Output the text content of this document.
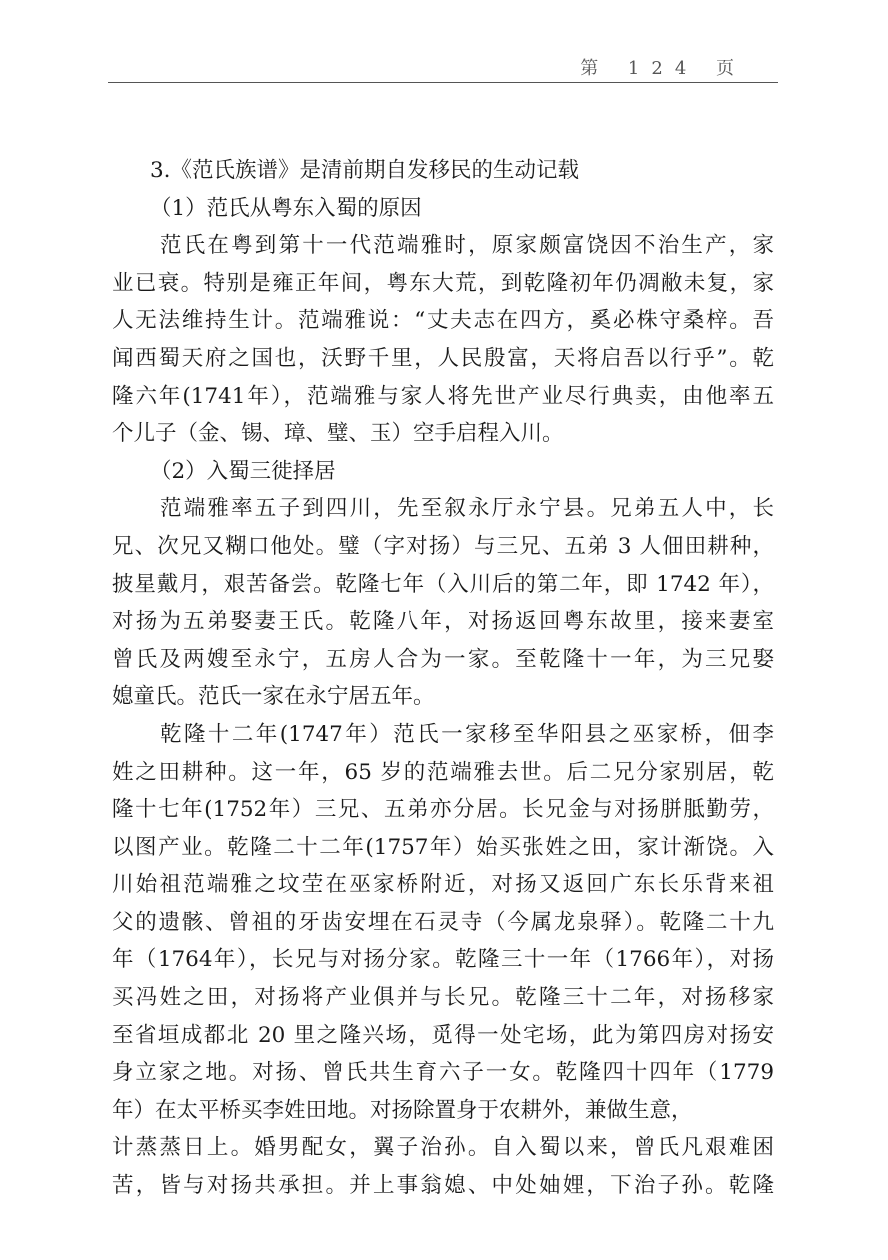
第 124 页
3.《范氏族谱》是清前期自发移民的生动记载
（1）范氏从粤东入蜀的原因
范氏在粤到第十一代范端雅时，原家颇富饶因不治生产，家
业已衰。特别是雍正年间，粤东大荒，到乾隆初年仍凋敝未复，家
人无法维持生计。范端雅说：“丈夫志在四方，奚必株守桑梓。吾
闻西蜀天府之国也，沃野千里，人民殷富，天将启吾以行乎”。乾
隆六年(1741年），范端雅与家人将先世产业尽行典卖，由他率五
个儿子（金、锡、璋、璧、玉）空手启程入川。
（2）入蜀三徙择居
范端雅率五子到四川，先至叙永厅永宁县。兄弟五人中，长
兄、次兄又糊口他处。璧（字对扬）与三兄、五弟 3 人佃田耕种，
披星戴月，艰苦备尝。乾隆七年（入川后的第二年，即 1742 年），
对扬为五弟娶妻王氏。乾隆八年，对扬返回粤东故里，接来妻室
曾氏及两嫂至永宁，五房人合为一家。至乾隆十一年，为三兄娶
媳童氏。范氏一家在永宁居五年。
乾隆十二年(1747年）范氏一家移至华阳县之巫家桥，佃李
姓之田耕种。这一年，65 岁的范端雅去世。后二兄分家别居，乾
隆十七年(1752年）三兄、五弟亦分居。长兄金与对扬胼胝勤劳，
以图产业。乾隆二十二年(1757年）始买张姓之田，家计渐饶。入
川始祖范端雅之坟茔在巫家桥附近，对扬又返回广东长乐背来祖
父的遗骸、曾祖的牙齿安埋在石灵寺（今属龙泉驿）。乾隆二十九
年（1764年），长兄与对扬分家。乾隆三十一年（1766年），对扬
买冯姓之田，对扬将产业俱并与长兄。乾隆三十二年，对扬移家
至省垣成都北 20 里之隆兴场，觅得一处宅场，此为第四房对扬安
身立家之地。对扬、曾氏共生育六子一女。乾隆四十四年（1779
年）在太平桥买李姓田地。对扬除置身于农耕外，兼做生意，
计蒸蒸日上。婚男配女，翼子治孙。自入蜀以来，曾氏凡艰难困
苦，皆与对扬共承担。并上事翁媳、中处妯娌，下治子孙。乾隆
